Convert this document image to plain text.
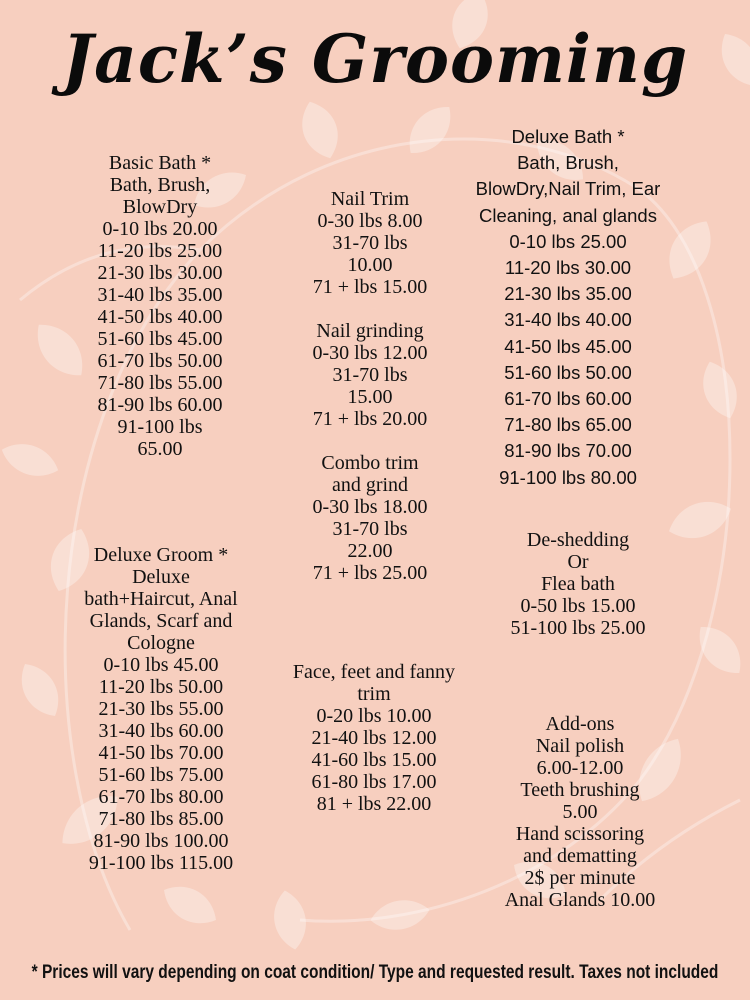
Jack’s Grooming
Basic Bath *
Bath, Brush,
BlowDry
0-10 lbs 20.00
11-20 lbs 25.00
21-30 lbs 30.00
31-40 lbs 35.00
41-50 lbs 40.00
51-60 lbs 45.00
61-70 lbs 50.00
71-80 lbs 55.00
81-90 lbs 60.00
91-100 lbs
65.00
Nail Trim
0-30 lbs 8.00
31-70 lbs
10.00
71 + lbs 15.00
Nail grinding
0-30 lbs 12.00
31-70 lbs
15.00
71 + lbs 20.00
Combo trim
and grind
0-30 lbs 18.00
31-70 lbs
22.00
71 + lbs 25.00
Deluxe Bath *
Bath, Brush,
BlowDry,Nail Trim, Ear
Cleaning, anal glands
0-10 lbs 25.00
11-20 lbs 30.00
21-30 lbs 35.00
31-40 lbs 40.00
41-50 lbs 45.00
51-60 lbs 50.00
61-70 lbs 60.00
71-80 lbs 65.00
81-90 lbs 70.00
91-100 lbs 80.00
De-shedding
Or
Flea bath
0-50 lbs 15.00
51-100 lbs 25.00
Deluxe Groom *
Deluxe
bath+Haircut, Anal
Glands, Scarf and
Cologne
0-10 lbs 45.00
11-20 lbs 50.00
21-30 lbs 55.00
31-40 lbs 60.00
41-50 lbs 70.00
51-60 lbs 75.00
61-70 lbs 80.00
71-80 lbs 85.00
81-90 lbs 100.00
91-100 lbs 115.00
Face, feet and fanny
trim
0-20 lbs 10.00
21-40 lbs 12.00
41-60 lbs 15.00
61-80 lbs 17.00
81 + lbs 22.00
Add-ons
Nail polish
6.00-12.00
Teeth brushing
5.00
Hand scissoring
and dematting
2$ per minute
Anal Glands 10.00
* Prices will vary depending on coat condition/ Type and requested result. Taxes not included
